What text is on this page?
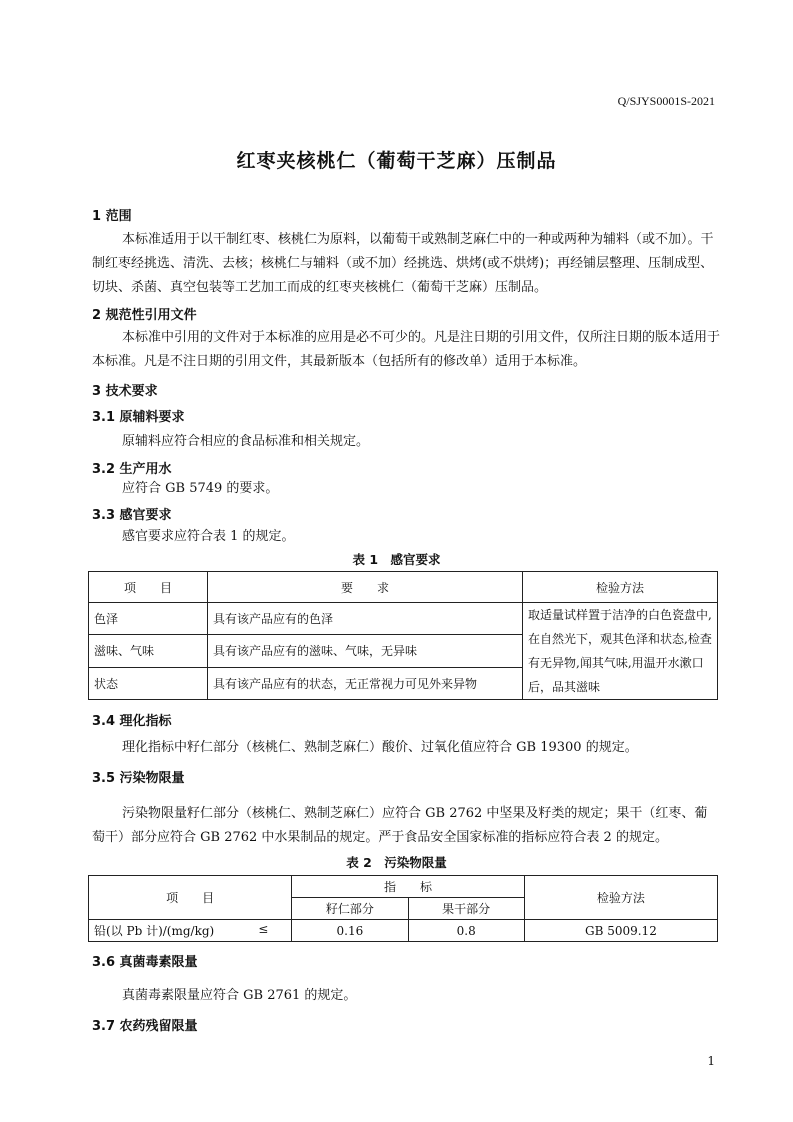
Q/SJYS0001S-2021
红枣夹核桃仁（葡萄干芝麻）压制品
1 范围

本标准适用于以干制红枣、核桃仁为原料，以葡萄干或熟制芝麻仁中的一种或两种为辅料（或不加）。干制红枣经挑选、清洗、去核；核桃仁与辅料（或不加）经挑选、烘烤(或不烘烤)；再经铺层整理、压制成型、切块、杀菌、真空包装等工艺加工而成的红枣夹核桃仁（葡萄干芝麻）压制品。

2 规范性引用文件

本标准中引用的文件对于本标准的应用是必不可少的。凡是注日期的引用文件，仅所注日期的版本适用于本标准。凡是不注日期的引用文件，其最新版本（包括所有的修改单）适用于本标准。

3 技术要求
3.1 原辅料要求

原辅料应符合相应的食品标准和相关规定。

3.2 生产用水

应符合 GB 5749 的要求。

3.3 感官要求

感官要求应符合表 1 的规定。

表 1　感官要求
项　　目	要　　求	检验方法
色泽	具有该产品应有的色泽	取适量试样置于洁净的白色瓷盘中,在自然光下，观其色泽和状态,检查有无异物,闻其气味,用温开水漱口后，品其滋味
滋味、气味	具有该产品应有的滋味、气味，无异味	
状态	具有该产品应有的状态，无正常视力可见外来异物	
3.4 理化指标

理化指标中籽仁部分（核桃仁、熟制芝麻仁）酸价、过氧化值应符合 GB 19300 的规定。

3.5 污染物限量

污染物限量籽仁部分（核桃仁、熟制芝麻仁）应符合 GB 2762 中坚果及籽类的规定；果干（红枣、葡萄干）部分应符合 GB 2762 中水果制品的规定。严于食品安全国家标准的指标应符合表 2 的规定。

表 2　污染物限量
项　　目	指　　标		检验方法
	籽仁部分	果干部分	
铅(以 Pb 计)/(mg/kg) ≤	0.16	0.8	GB 5009.12
3.6 真菌毒素限量

真菌毒素限量应符合 GB 2761 的规定。

3.7 农药残留限量
1
